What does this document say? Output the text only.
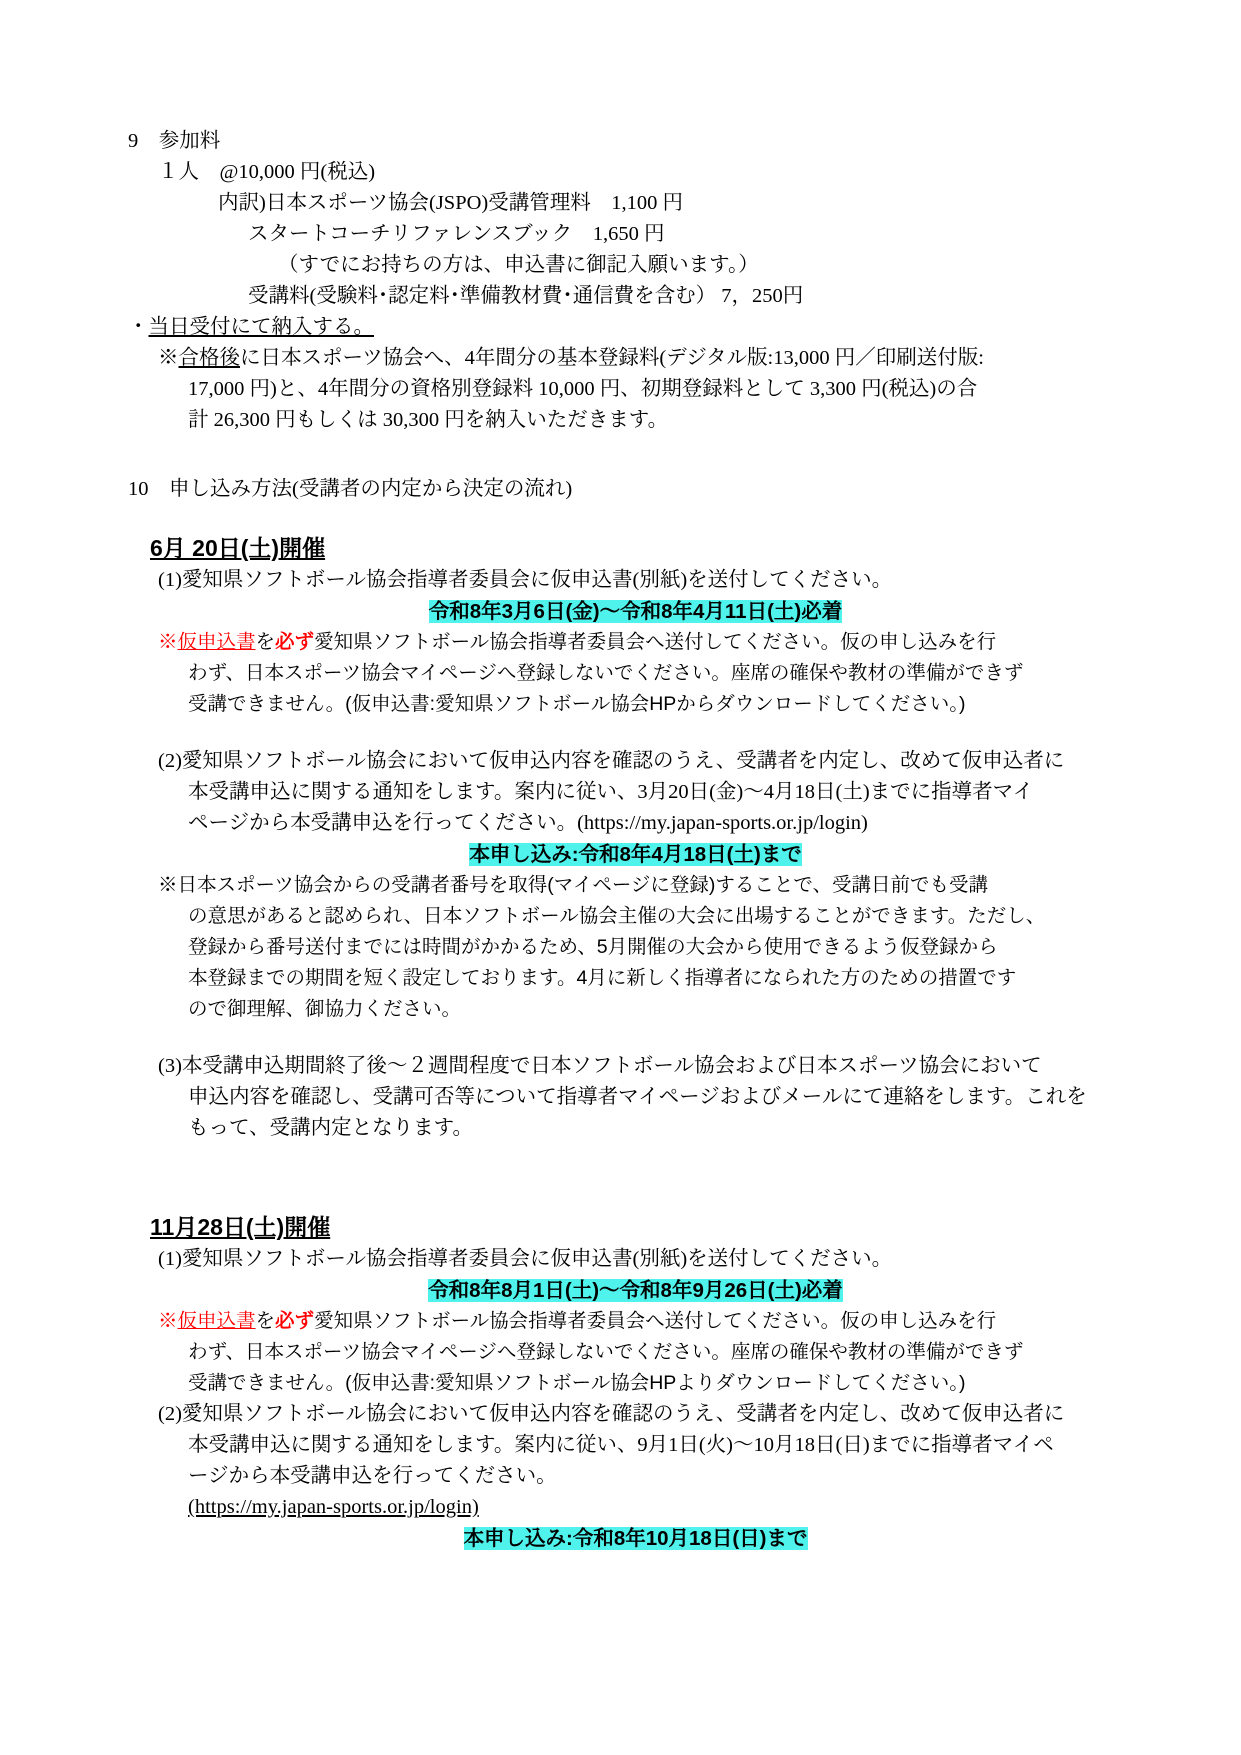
9　 参加料
１人　@10,000 円(税込)
内訳)日本スポーツ協会(JSPO)受講管理料　1,100 円
スタートコーチリファレンスブック　1,650 円
（すでにお持ちの方は、申込書に御記入願います。）
受講料(受験料･認定料･準備教材費･通信費を含む） 7，250円
・当日受付にて納入する。
※合格後に日本スポーツ協会へ、4年間分の基本登録料(デジタル版:13,000 円／印刷送付版:
17,000 円)と、4年間分の資格別登録料 10,000 円、初期登録料として 3,300 円(税込)の合
計 26,300 円もしくは 30,300 円を納入いただきます。
10　 申し込み方法(受講者の内定から決定の流れ)
6月 20日(土)開催
(1)愛知県ソフトボール協会指導者委員会に仮申込書(別紙)を送付してください。
令和8年3月6日(金)～令和8年4月11日(土)必着
※仮申込書を必ず愛知県ソフトボール協会指導者委員会へ送付してください。仮の申し込みを行
わず、日本スポーツ協会マイページへ登録しないでください。座席の確保や教材の準備ができず
受講できません。(仮申込書:愛知県ソフトボール協会HPからダウンロードしてください。)
(2)愛知県ソフトボール協会において仮申込内容を確認のうえ、受講者を内定し、改めて仮申込者に
本受講申込に関する通知をします。案内に従い、3月20日(金)～4月18日(土)までに指導者マイ
ページから本受講申込を行ってください。(https://my.japan-sports.or.jp/login)
本申し込み:令和8年4月18日(土)まで
※日本スポーツ協会からの受講者番号を取得(マイページに登録)することで、受講日前でも受講
の意思があると認められ、日本ソフトボール協会主催の大会に出場することができます。ただし、
登録から番号送付までには時間がかかるため、5月開催の大会から使用できるよう仮登録から
本登録までの期間を短く設定しております。4月に新しく指導者になられた方のための措置です
ので御理解、御協力ください。
(3)本受講申込期間終了後～２週間程度で日本ソフトボール協会および日本スポーツ協会において
申込内容を確認し、受講可否等について指導者マイページおよびメールにて連絡をします。これを
もって、受講内定となります。
11月28日(土)開催
(1)愛知県ソフトボール協会指導者委員会に仮申込書(別紙)を送付してください。
令和8年8月1日(土)～令和8年9月26日(土)必着
※仮申込書を必ず愛知県ソフトボール協会指導者委員会へ送付してください。仮の申し込みを行
わず、日本スポーツ協会マイページへ登録しないでください。座席の確保や教材の準備ができず
受講できません。(仮申込書:愛知県ソフトボール協会HPよりダウンロードしてください。)
(2)愛知県ソフトボール協会において仮申込内容を確認のうえ、受講者を内定し、改めて仮申込者に
本受講申込に関する通知をします。案内に従い、9月1日(火)～10月18日(日)までに指導者マイペ
ージから本受講申込を行ってください。
(https://my.japan-sports.or.jp/login)
本申し込み:令和8年10月18日(日)まで
